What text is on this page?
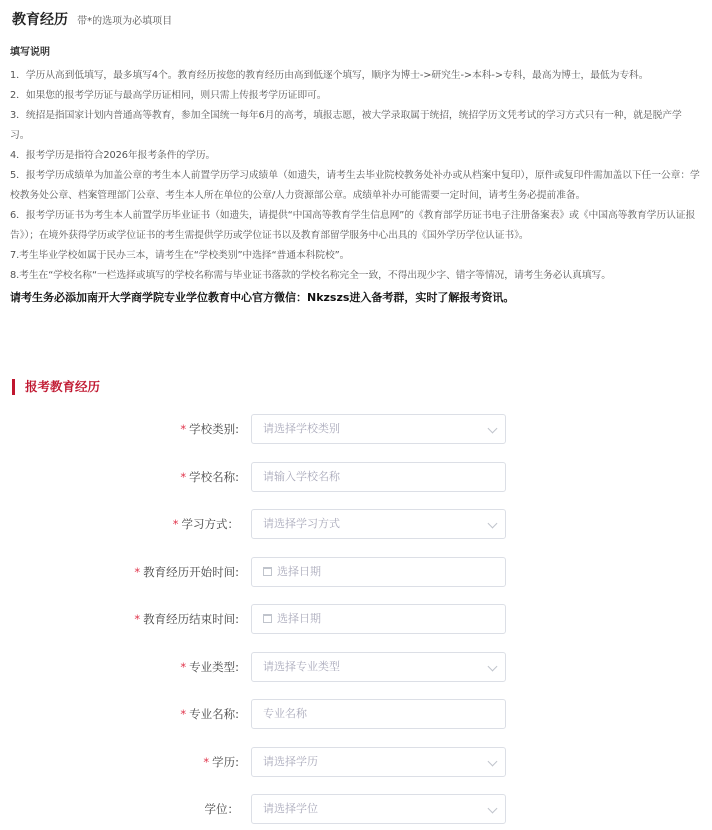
教育经历 带*的选项为必填项目
填写说明
1．学历从高到低填写，最多填写4个。教育经历按您的教育经历由高到低逐个填写，顺序为博士->研究生->本科->专科，最高为博士，最低为专科。
2．如果您的报考学历证与最高学历证相同，则只需上传报考学历证即可。
3．统招是指国家计划内普通高等教育，参加全国统一每年6月的高考，填报志愿，被大学录取属于统招，统招学历文凭考试的学习方式只有一种，就是脱产学习。
4．报考学历是指符合2026年报考条件的学历。
5．报考学历成绩单为加盖公章的考生本人前置学历学习成绩单（如遗失，请考生去毕业院校教务处补办或从档案中复印），原件或复印件需加盖以下任一公章：学校教务处公章、档案管理部门公章、考生本人所在单位的公章/人力资源部公章。成绩单补办可能需要一定时间，请考生务必提前准备。
6．报考学历证书为考生本人前置学历毕业证书（如遗失，请提供“中国高等教育学生信息网”的《教育部学历证书电子注册备案表》或《中国高等教育学历认证报告》）；在境外获得学历或学位证书的考生需提供学历或学位证书以及教育部留学服务中心出具的《国外学历学位认证书》。
7.考生毕业学校如属于民办三本，请考生在“学校类别”中选择“普通本科院校”。
8.考生在“学校名称“一栏选择或填写的学校名称需与毕业证书落款的学校名称完全一致，不得出现少字、错字等情况，请考生务必认真填写。
请考生务必添加南开大学商学院专业学位教育中心官方微信：Nkzszs进入备考群，实时了解报考资讯。
报考教育经历
* 学校类别:	请选择学校类别
* 学校名称:	请输入学校名称
* 学习方式：	请选择学习方式
* 教育经历开始时间:	选择日期
* 教育经历结束时间:	选择日期
* 专业类型:	请选择专业类型
* 专业名称:	专业名称
* 学历:	请选择学历
学位：	请选择学位
